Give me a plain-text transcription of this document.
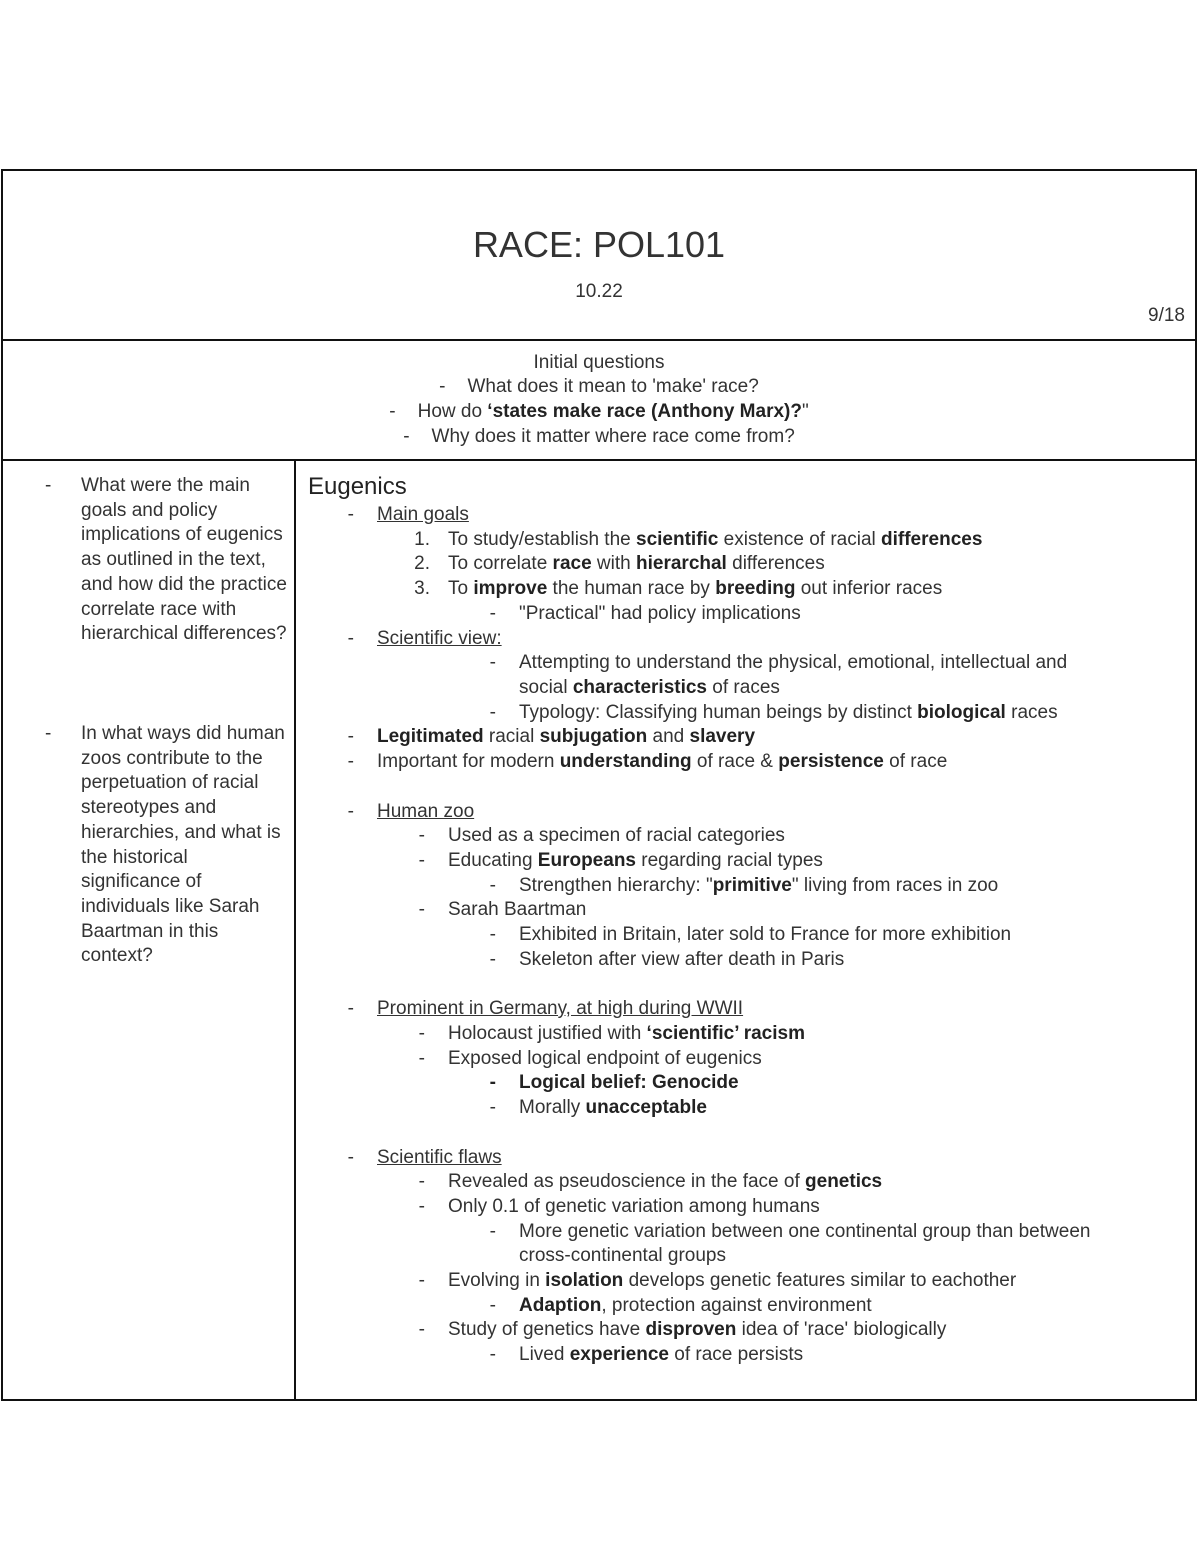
RACE: POL101
10.22
9/18
Initial questions
- What does it mean to 'make' race?
- How do ‘states make race (Anthony Marx)?"
- Why does it matter where race come from?
- What were the main goals and policy implications of eugenics as outlined in the text, and how did the practice correlate race with hierarchical differences?
- In what ways did human zoos contribute to the perpetuation of racial stereotypes and hierarchies, and what is the historical significance of individuals like Sarah Baartman in this context?
Eugenics
- Main goals
1. To study/establish the scientific existence of racial differences
2. To correlate race with hierarchal differences
3. To improve the human race by breeding out inferior races
- "Practical" had policy implications
- Scientific view:
- Attempting to understand the physical, emotional, intellectual and
social characteristics of races
- Typology: Classifying human beings by distinct biological races
- Legitimated racial subjugation and slavery
- Important for modern understanding of race & persistence of race
- Human zoo
- Used as a specimen of racial categories
- Educating Europeans regarding racial types
- Strengthen hierarchy: "primitive" living from races in zoo
- Sarah Baartman
- Exhibited in Britain, later sold to France for more exhibition
- Skeleton after view after death in Paris
- Prominent in Germany, at high during WWII
- Holocaust justified with ‘scientific’ racism
- Exposed logical endpoint of eugenics
- Logical belief: Genocide
- Morally unacceptable
- Scientific flaws
- Revealed as pseudoscience in the face of genetics
- Only 0.1 of genetic variation among humans
- More genetic variation between one continental group than between
cross-continental groups
- Evolving in isolation develops genetic features similar to eachother
- Adaption, protection against environment
- Study of genetics have disproven idea of 'race' biologically
- Lived experience of race persists
